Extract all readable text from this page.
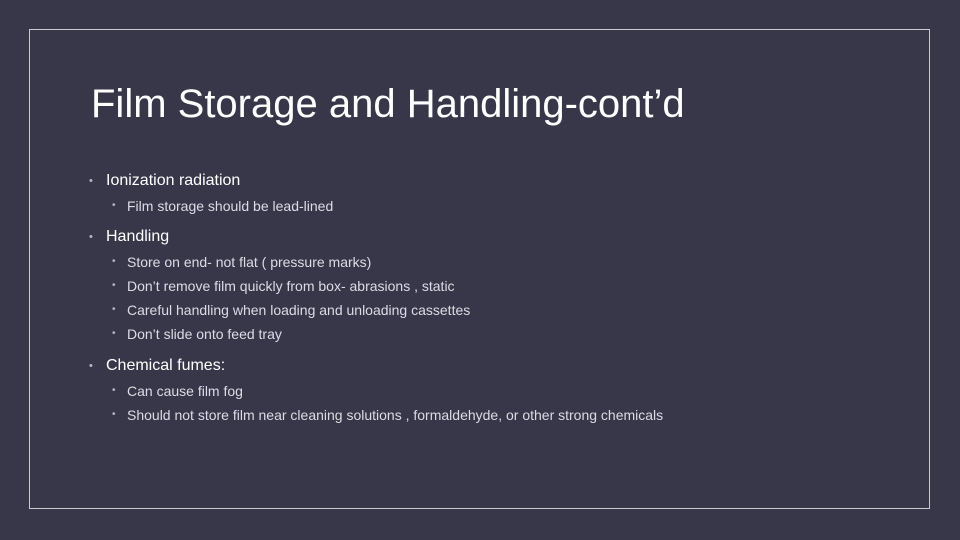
Film Storage and Handling-cont’d
• Ionization radiation
• Film storage should be lead-lined
• Handling
• Store on end- not flat ( pressure marks)
• Don’t remove film quickly from box- abrasions , static
• Careful handling when loading and unloading cassettes
• Don’t slide onto feed tray
• Chemical fumes:
• Can cause film fog
• Should not store film near cleaning solutions , formaldehyde, or other strong chemicals
